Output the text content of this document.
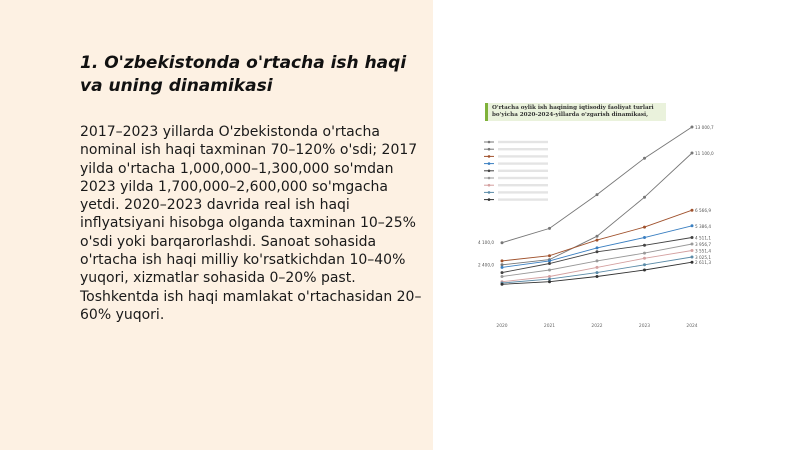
1. O'zbekistonda o'rtacha ish haqi va uning dinamikasi

2017–2023 yillarda O'zbekistonda o'rtacha nominal ish haqi taxminan 70–120% o'sdi; 2017 yilda o'rtacha 1,000,000–1,300,000 so'mdan 2023 yilda 1,700,000–2,600,000 so'mgacha yetdi. 2020–2023 davrida real ish haqi inflyatsiyani hisobga olganda taxminan 10–25% o'sdi yoki barqarorlashdi. Sanoat sohasida o'rtacha ish haqi milliy ko'rsatkichdan 10–40% yuqori, xizmatlar sohasida 0–20% past. Toshkentda ish haqi mamlakat o'rtachasidan 20–60% yuqori.

13 000,7
11 100,0
6 566,9
5 386,4
4 511,1
3 956,7
3 551,4
3 025,1
2 611,3
4 100,0
2 400,0
2020	2021	2022	2023	2024
O'rtacha oylik ish haqining iqtisodiy faoliyat turlari bo'yicha 2020-2024-yillarda o'zgarish dinamikasi,
